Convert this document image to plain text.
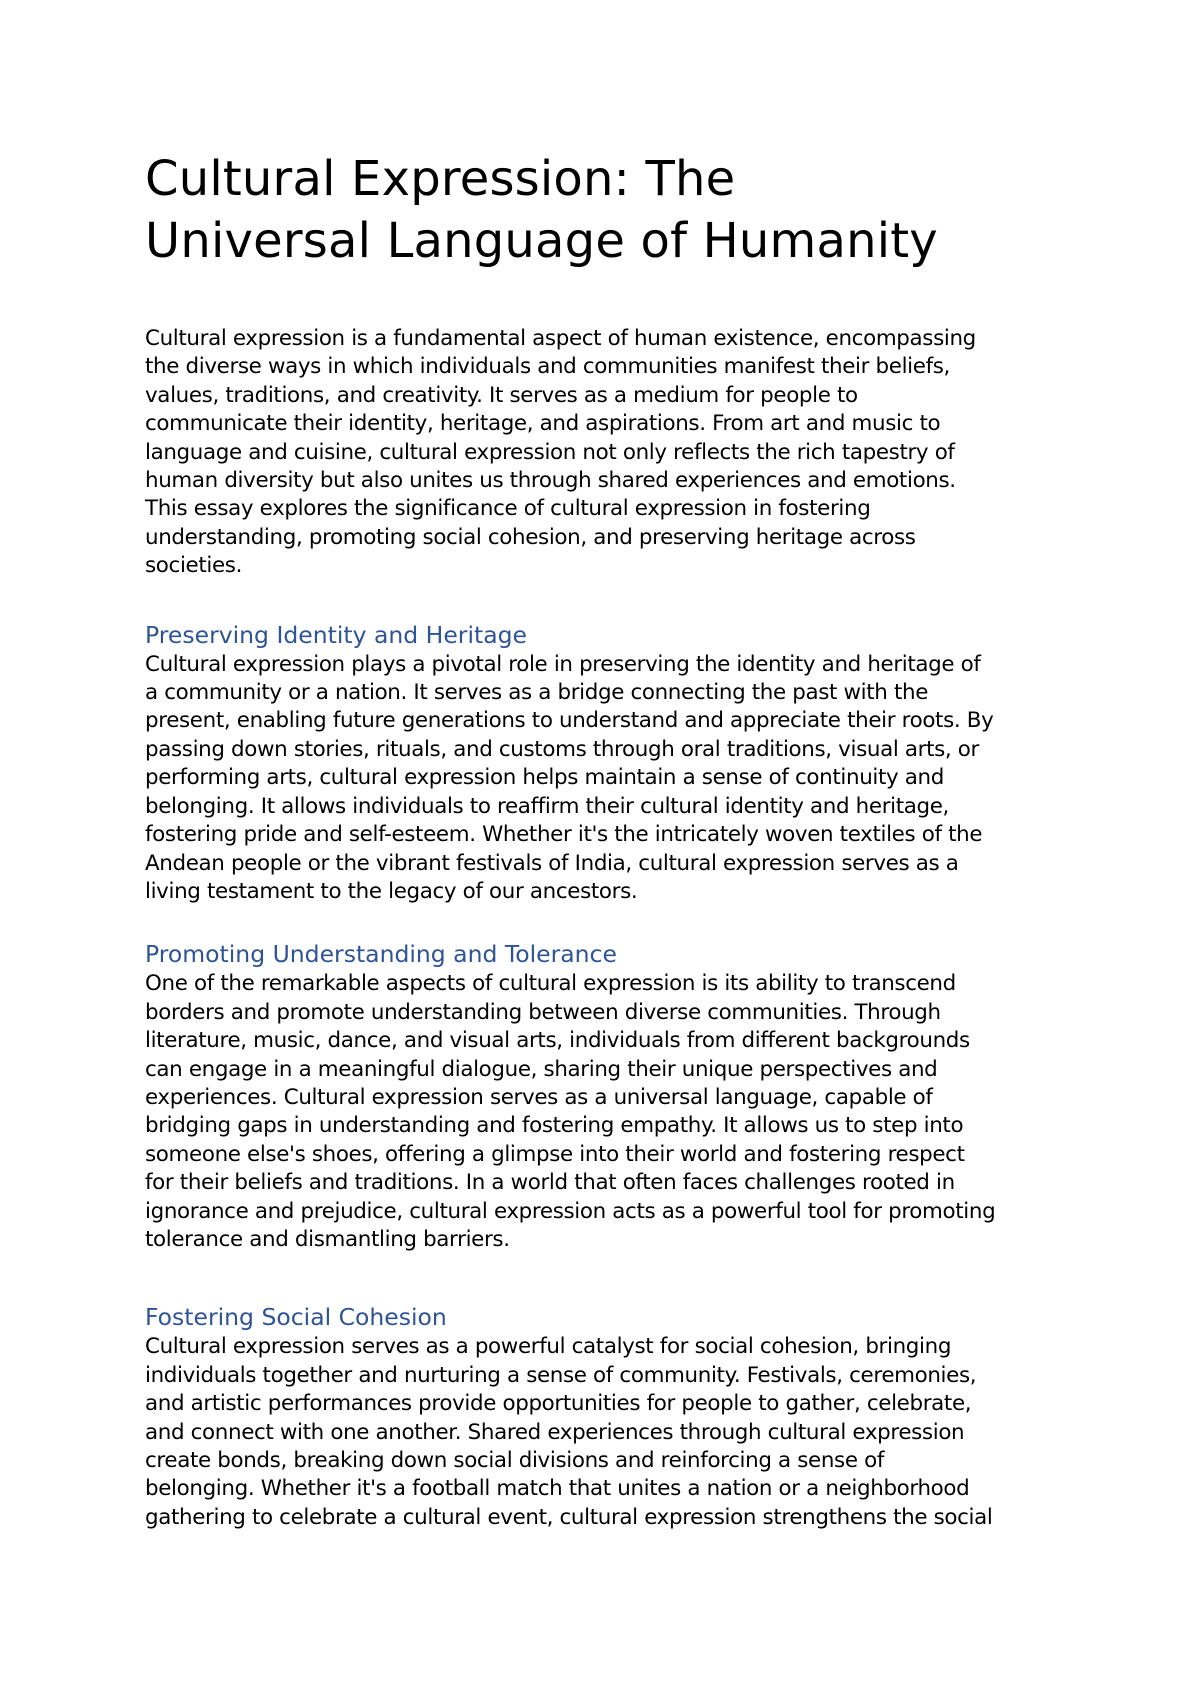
Cultural Expression: The
Universal Language of Humanity

Cultural expression is a fundamental aspect of human existence, encompassing
the diverse ways in which individuals and communities manifest their beliefs,
values, traditions, and creativity. It serves as a medium for people to
communicate their identity, heritage, and aspirations. From art and music to
language and cuisine, cultural expression not only reflects the rich tapestry of
human diversity but also unites us through shared experiences and emotions.
This essay explores the significance of cultural expression in fostering
understanding, promoting social cohesion, and preserving heritage across
societies.

Preserving Identity and Heritage

Cultural expression plays a pivotal role in preserving the identity and heritage of
a community or a nation. It serves as a bridge connecting the past with the
present, enabling future generations to understand and appreciate their roots. By
passing down stories, rituals, and customs through oral traditions, visual arts, or
performing arts, cultural expression helps maintain a sense of continuity and
belonging. It allows individuals to reaffirm their cultural identity and heritage,
fostering pride and self-esteem. Whether it's the intricately woven textiles of the
Andean people or the vibrant festivals of India, cultural expression serves as a
living testament to the legacy of our ancestors.

Promoting Understanding and Tolerance

One of the remarkable aspects of cultural expression is its ability to transcend
borders and promote understanding between diverse communities. Through
literature, music, dance, and visual arts, individuals from different backgrounds
can engage in a meaningful dialogue, sharing their unique perspectives and
experiences. Cultural expression serves as a universal language, capable of
bridging gaps in understanding and fostering empathy. It allows us to step into
someone else's shoes, offering a glimpse into their world and fostering respect
for their beliefs and traditions. In a world that often faces challenges rooted in
ignorance and prejudice, cultural expression acts as a powerful tool for promoting
tolerance and dismantling barriers.

Fostering Social Cohesion

Cultural expression serves as a powerful catalyst for social cohesion, bringing
individuals together and nurturing a sense of community. Festivals, ceremonies,
and artistic performances provide opportunities for people to gather, celebrate,
and connect with one another. Shared experiences through cultural expression
create bonds, breaking down social divisions and reinforcing a sense of
belonging. Whether it's a football match that unites a nation or a neighborhood
gathering to celebrate a cultural event, cultural expression strengthens the social
